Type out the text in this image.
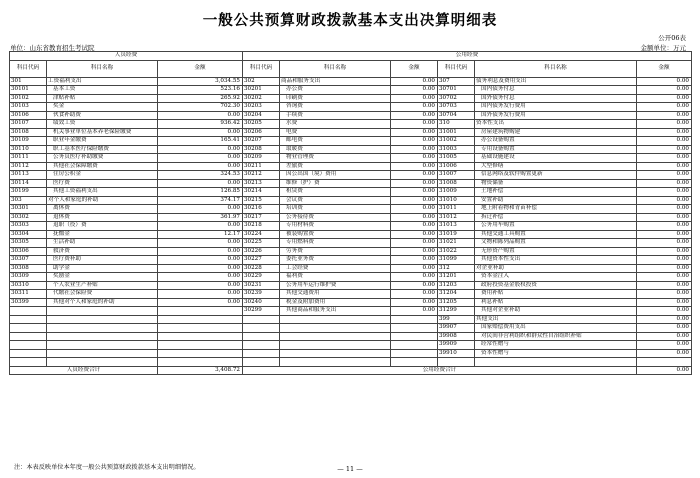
一般公共预算财政拨款基本支出决算明细表
公开06表
单位：山东省教育招生考试院	金额单位：万元
人员经费			公用经费					
科目代码	科目名称	金额	科目代码	科目名称	金额	科目代码	科目名称	金额
301	工资福利支出	3,034.55	302	商品和服务支出	0.00	307	债务利息及费用支出	0.00
30101	基本工资	523.16	30201	办公费	0.00	30701	国内债务付息	0.00
30102	津贴补贴	265.92	30202	印刷费	0.00	30702	国外债务付息	0.00
30103	奖金	702.30	30203	咨询费	0.00	30703	国内债务发行费用	0.00
30106	伙食补助费	0.00	30204	手续费	0.00	30704	国外债务发行费用	0.00
30107	绩效工资	936.42	30205	水费	0.00	310	资本性支出	0.00
30108	机关事业单位基本养老保险缴费	0.00	30206	电费	0.00	31001	房屋建筑物购建	0.00
30109	职业年金缴费	165.41	30207	邮电费	0.00	31002	办公设备购置	0.00
30110	职工基本医疗保险缴费	0.00	30208	取暖费	0.00	31003	专用设备购置	0.00
30111	公务员医疗补助缴费	0.00	30209	物业管理费	0.00	31005	基础设施建设	0.00
30112	其他社会保障缴费	0.00	30211	差旅费	0.00	31006	大型修缮	0.00
30113	住房公积金	324.53	30212	因公出国（境）费用	0.00	31007	信息网络及软件购置更新	0.00
30114	医疗费	0.00	30213	维修（护）费	0.00	31008	物资储备	0.00
30199	其他工资福利支出	126.85	30214	租赁费	0.00	31009	土地补偿	0.00
303	对个人和家庭的补助	374.17	30215	会议费	0.00	31010	安置补助	0.00
30301	离休费	0.00	30216	培训费	0.00	31011	地上附着物和青苗补偿	0.00
30302	退休费	361.97	30217	公务接待费	0.00	31012	拆迁补偿	0.00
30303	退职（役）费	0.00	30218	专用材料费	0.00	31013	公务用车购置	0.00
30304	抚恤金	12.17	30224	被装购置费	0.00	31019	其他交通工具购置	0.00
30305	生活补助	0.00	30225	专用燃料费	0.00	31021	文物和陈列品购置	0.00
30306	救济费	0.00	30226	劳务费	0.00	31022	无形资产购置	0.00
30307	医疗费补助	0.00	30227	委托业务费	0.00	31099	其他资本性支出	0.00
30308	助学金	0.00	30228	工会经费	0.00	312	对企业补助	0.00
30309	奖励金	0.00	30229	福利费	0.00	31201	资本金注入	0.00
30310	个人农业生产补贴	0.00	30231	公务用车运行维护费	0.00	31203	政府投资基金股权投资	0.00
30311	代缴社会保险费	0.00	30239	其他交通费用	0.00	31204	费用补贴	0.00
30399	其他对个人和家庭的补助	0.00	30240	税金及附加费用	0.00	31205	利息补贴	0.00
			30299	其他商品和服务支出	0.00	31299	其他对企业补助	0.00
						399	其他支出	0.00
						39907	国家赔偿费用支出	0.00
						39908	对民间非营利组织和群众性自治组织补贴	0.00
						39909	经常性赠与	0.00
						39910	资本性赠与	0.00

人员经费合计		3,408.72	公用经费合计					0.00
注：本表反映单位本年度一般公共预算财政拨款基本支出明细情况。	— 11 —
